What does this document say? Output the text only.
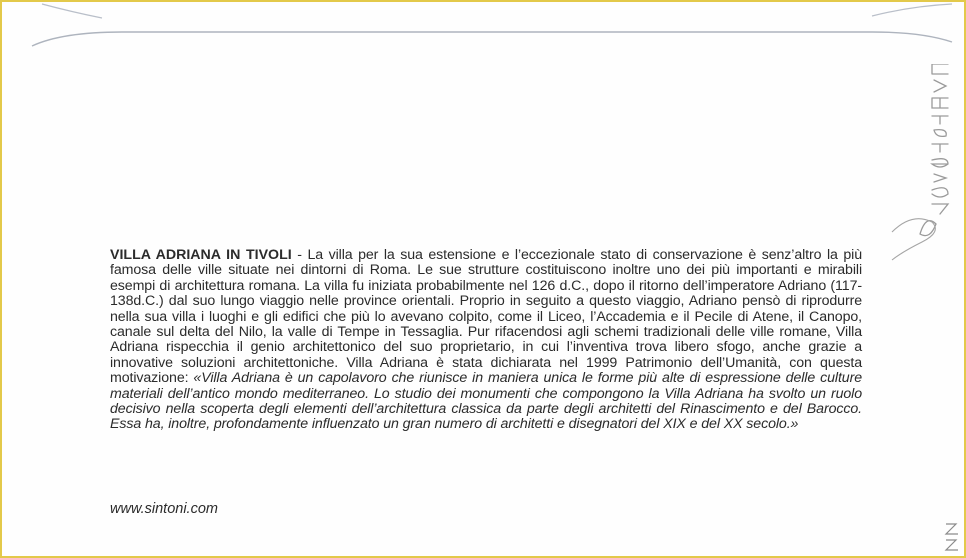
VILLA ADRIANA IN TIVOLI - La villa per la sua estensione e l’eccezionale stato di conservazione è senz’altro la più famosa delle ville situate nei dintorni di Roma. Le sue strutture costituiscono inoltre uno dei più importanti e mirabili esempi di architettura romana. La villa fu iniziata probabilmente nel 126 d.C., dopo il ritorno dell’imperatore Adriano (117-138d.C.) dal suo lungo viaggio nelle province orientali. Proprio in seguito a questo viaggio, Adriano pensò di riprodurre nella sua villa i luoghi e gli edifici che più lo avevano colpito, come il Liceo, l’Accademia e il Pecile di Atene, il Canopo, canale sul delta del Nilo, la valle di Tempe in Tessaglia. Pur rifacendosi agli schemi tradizionali delle ville romane, Villa Adriana rispecchia il genio architettonico del suo proprietario, in cui l’inventiva trova libero sfogo, anche grazie a innovative soluzioni architettoniche. Villa Adriana è stata dichiarata nel 1999 Patrimonio dell’Umanità, con questa motivazione: «Villa Adriana è un capolavoro che riunisce in maniera unica le forme più alte di espressione delle culture materiali dell’antico mondo mediterraneo. Lo studio dei monumenti che compongono la Villa Adriana ha svolto un ruolo decisivo nella scoperta degli elementi dell’architettura classica da parte degli architetti del Rinascimento e del Barocco. Essa ha, inoltre, profondamente influenzato un gran numero di architetti e disegnatori del XIX e del XX secolo.»
www.sintoni.com
